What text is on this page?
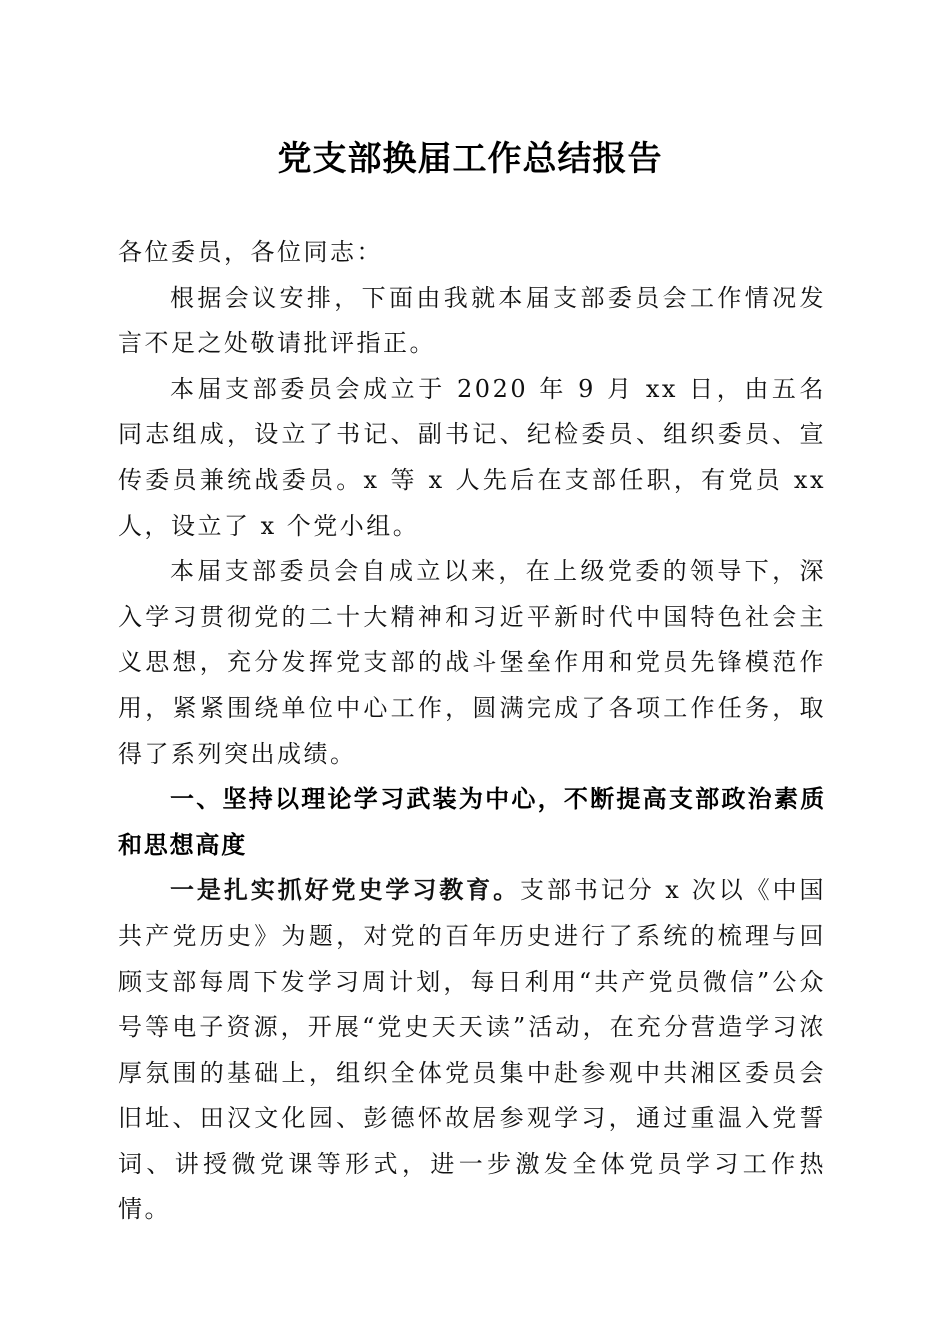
党支部换届工作总结报告

各位委员，各位同志：

根据会议安排，下面由我就本届支部委员会工作情况发言不足之处敬请批评指正。

本届支部委员会成立于 2020 年 9 月 xx 日，由五名同志组成，设立了书记、副书记、纪检委员、组织委员、宣传委员兼统战委员。x 等 x 人先后在支部任职，有党员 xx 人，设立了 x 个党小组。

本届支部委员会自成立以来，在上级党委的领导下，深入学习贯彻党的二十大精神和习近平新时代中国特色社会主义思想，充分发挥党支部的战斗堡垒作用和党员先锋模范作用，紧紧围绕单位中心工作，圆满完成了各项工作任务，取得了系列突出成绩。

一、坚持以理论学习武装为中心，不断提高支部政治素质和思想高度

一是扎实抓好党史学习教育。支部书记分 x 次以《中国共产党历史》为题，对党的百年历史进行了系统的梳理与回顾支部每周下发学习周计划，每日利用“共产党员微信”公众号等电子资源，开展“党史天天读”活动，在充分营造学习浓厚氛围的基础上，组织全体党员集中赴参观中共湘区委员会旧址、田汉文化园、彭德怀故居参观学习，通过重温入党誓词、讲授微党课等形式，进一步激发全体党员学习工作热情。
